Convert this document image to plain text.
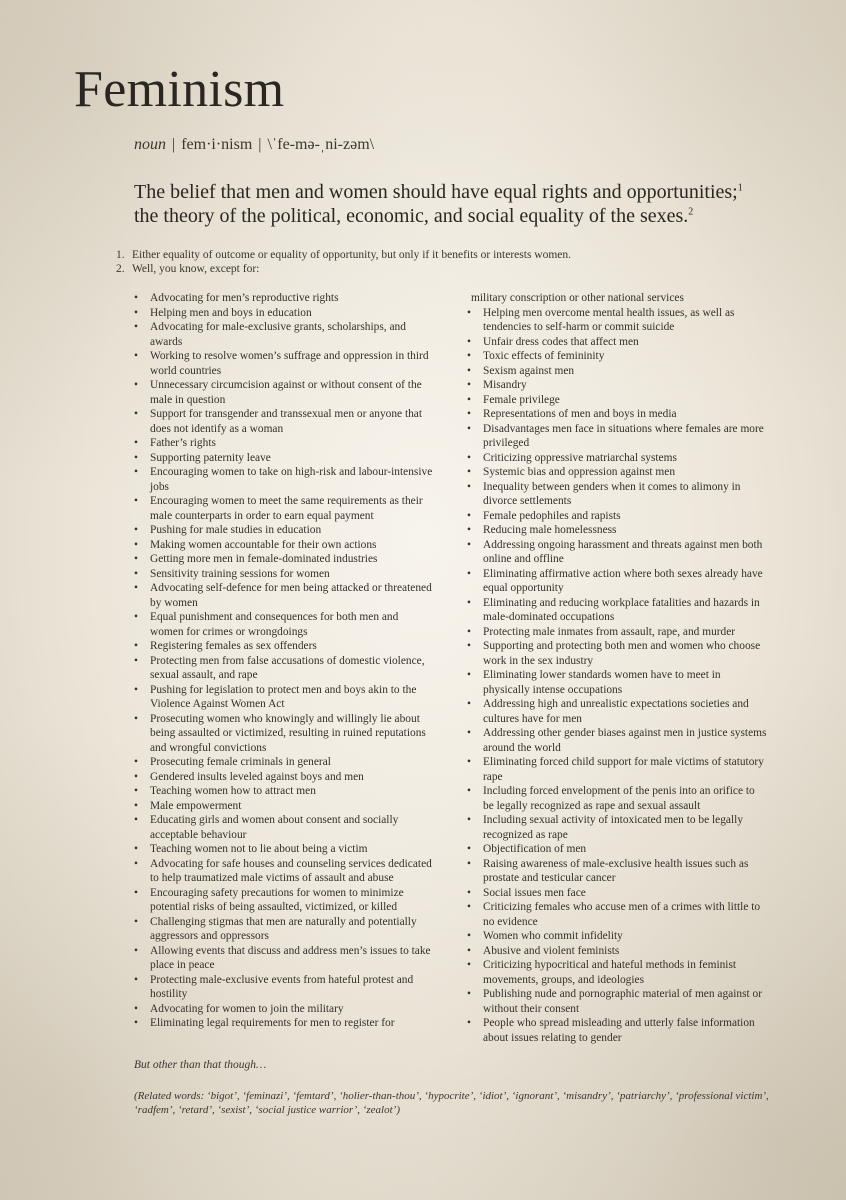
Feminism
noun | fem·i·nism | \ˈfe-mə-ˌni-zəm\
The belief that men and women should have equal rights and opportunities;$^1$
the theory of the political, economic, and social equality of the sexes.$^2$
1. Either equality of outcome or equality of opportunity, but only if it benefits or interests women.
2. Well, you know, except for:
• Advocating for men’s reproductive rights
• Helping men and boys in education
• Advocating for male-exclusive grants, scholarships, and awards
• Working to resolve women’s suffrage and oppression in third world countries
• Unnecessary circumcision against or without consent of the male in question
• Support for transgender and transsexual men or anyone that does not identify as a woman
• Father’s rights
• Supporting paternity leave
• Encouraging women to take on high-risk and labour-intensive jobs
• Encouraging women to meet the same requirements as their male counterparts in order to earn equal payment
• Pushing for male studies in education
• Making women accountable for their own actions
• Getting more men in female-dominated industries
• Sensitivity training sessions for women
• Advocating self-defence for men being attacked or threatened by women
• Equal punishment and consequences for both men and women for crimes or wrongdoings
• Registering females as sex offenders
• Protecting men from false accusations of domestic violence, sexual assault, and rape
• Pushing for legislation to protect men and boys akin to the Violence Against Women Act
• Prosecuting women who knowingly and willingly lie about being assaulted or victimized, resulting in ruined reputations and wrongful convictions
• Prosecuting female criminals in general
• Gendered insults leveled against boys and men
• Teaching women how to attract men
• Male empowerment
• Educating girls and women about consent and socially acceptable behaviour
• Teaching women not to lie about being a victim
• Advocating for safe houses and counseling services dedicated to help traumatized male victims of assault and abuse
• Encouraging safety precautions for women to minimize potential risks of being assaulted, victimized, or killed
• Challenging stigmas that men are naturally and potentially aggressors and oppressors
• Allowing events that discuss and address men’s issues to take place in peace
• Protecting male-exclusive events from hateful protest and hostility
• Advocating for women to join the military
• Eliminating legal requirements for men to register for
military conscription or other national services
• Helping men overcome mental health issues, as well as tendencies to self-harm or commit suicide
• Unfair dress codes that affect men
• Toxic effects of femininity
• Sexism against men
• Misandry
• Female privilege
• Representations of men and boys in media
• Disadvantages men face in situations where females are more privileged
• Criticizing oppressive matriarchal systems
• Systemic bias and oppression against men
• Inequality between genders when it comes to alimony in divorce settlements
• Female pedophiles and rapists
• Reducing male homelessness
• Addressing ongoing harassment and threats against men both online and offline
• Eliminating affirmative action where both sexes already have equal opportunity
• Eliminating and reducing workplace fatalities and hazards in male-dominated occupations
• Protecting male inmates from assault, rape, and murder
• Supporting and protecting both men and women who choose work in the sex industry
• Eliminating lower standards women have to meet in physically intense occupations
• Addressing high and unrealistic expectations societies and cultures have for men
• Addressing other gender biases against men in justice systems around the world
• Eliminating forced child support for male victims of statutory rape
• Including forced envelopment of the penis into an orifice to be legally recognized as rape and sexual assault
• Including sexual activity of intoxicated men to be legally recognized as rape
• Objectification of men
• Raising awareness of male-exclusive health issues such as prostate and testicular cancer
• Social issues men face
• Criticizing females who accuse men of a crimes with little to no evidence
• Women who commit infidelity
• Abusive and violent feminists
• Criticizing hypocritical and hateful methods in feminist movements, groups, and ideologies
• Publishing nude and pornographic material of men against or without their consent
• People who spread misleading and utterly false information about issues relating to gender
But other than that though…
(Related words: ‘bigot’, ‘feminazi’, ‘femtard’, ‘holier-than-thou’, ‘hypocrite’, ‘idiot’, ‘ignorant’, ‘misandry’, ‘patriarchy’, ‘professional victim’, ‘radfem’, ‘retard’, ‘sexist’, ‘social justice warrior’, ‘zealot’)
